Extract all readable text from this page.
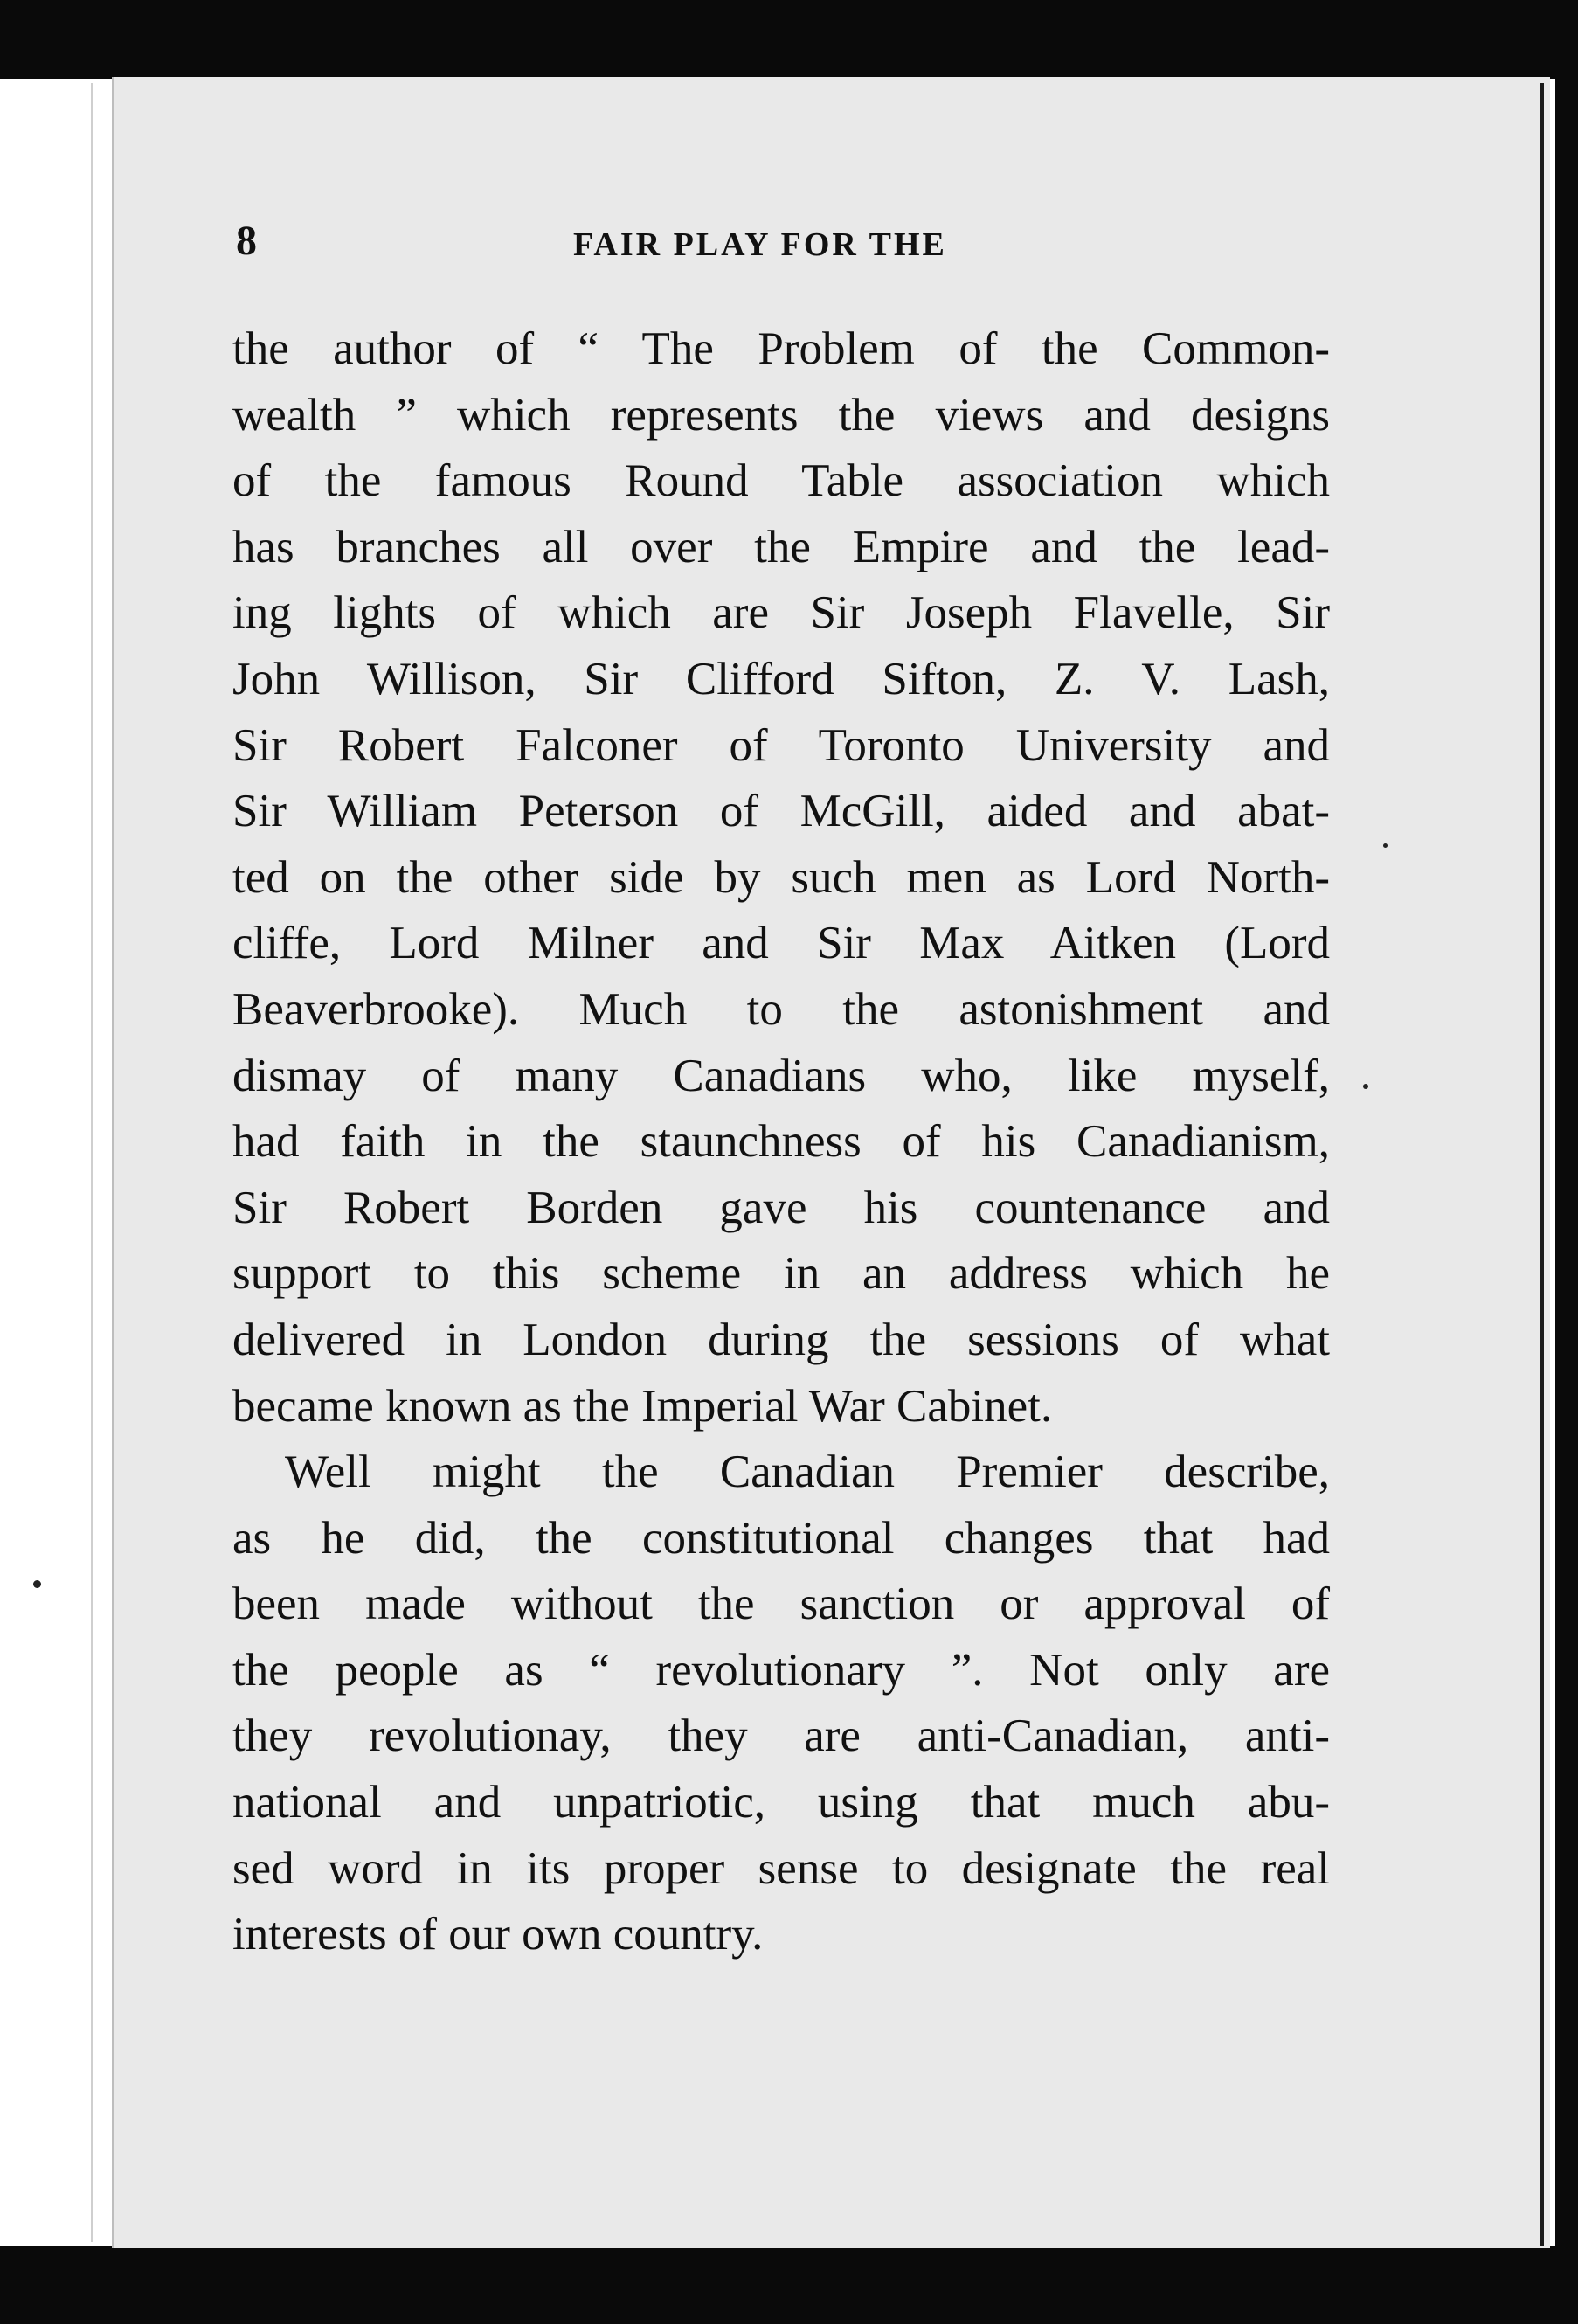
8	FAIR PLAY FOR THE
the author of “ The Problem of the Common-
wealth ” which represents the views and designs
of the famous Round Table association which
has branches all over the Empire and the lead-
ing lights of which are Sir Joseph Flavelle, Sir
John Willison, Sir Clifford Sifton, Z. V. Lash,
Sir Robert Falconer of Toronto University and
Sir William Peterson of McGill, aided and abat-
ted on the other side by such men as Lord North-
cliffe, Lord Milner and Sir Max Aitken (Lord
Beaverbrooke). Much to the astonishment and
dismay of many Canadians who, like myself,
had faith in the staunchness of his Canadianism,
Sir Robert Borden gave his countenance and
support to this scheme in an address which he
delivered in London during the sessions of what
became known as the Imperial War Cabinet.
Well might the Canadian Premier describe,
as he did, the constitutional changes that had
been made without the sanction or approval of
the people as “ revolutionary ”. Not only are
they revolutionay, they are anti-Canadian, anti-
national and unpatriotic, using that much abu-
sed word in its proper sense to designate the real
interests of our own country.
